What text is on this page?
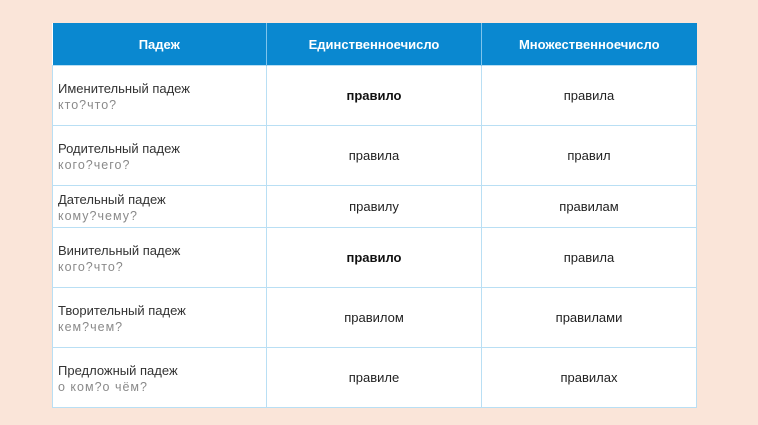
Падеж	Единственноечисло	Множественноечисло

Именительный падеж
кто?что?	правило	правила

Родительный падеж
кого?чего?	правила	правил

Дательный падеж
кому?чему?	правилу	правилам

Винительный падеж
кого?что?	правило	правила

Творительный падеж
кем?чем?	правилом	правилами

Предложный падеж
о ком?о чём?	правиле	правилах
